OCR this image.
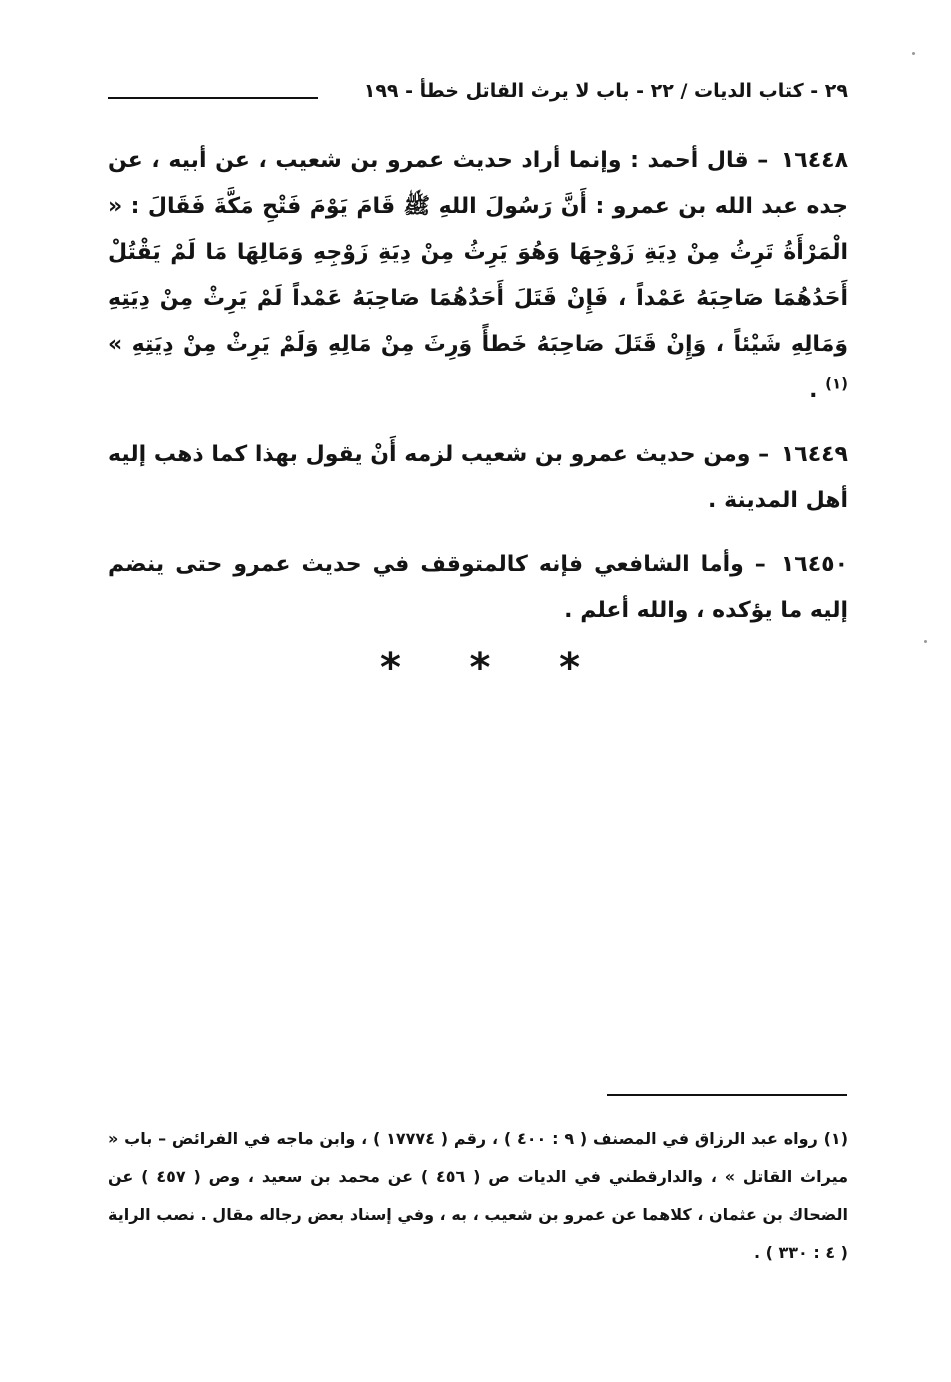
٢٩ - كتاب الديات / ٢٢ - باب لا يرث القاتل خطأ - ١٩٩

١٦٤٤٨ – قال أحمد : وإنما أراد حديث عمرو بن شعيب ، عن أبيه ، عن جده عبد الله بن عمرو : أَنَّ رَسُولَ اللهِ ﷺ قَامَ يَوْمَ فَتْحِ مَكَّةَ فَقَالَ : « الْمَرْأَةُ تَرِثُ مِنْ دِيَةِ زَوْجِهَا وَهُوَ يَرِثُ مِنْ دِيَةِ زَوْجِهِ وَمَالِهَا مَا لَمْ يَقْتُلْ أَحَدُهُمَا صَاحِبَهُ عَمْداً ، فَإِنْ قَتَلَ أَحَدُهُمَا صَاحِبَهُ عَمْداً لَمْ يَرِثْ مِنْ دِيَتِهِ وَمَالِهِ شَيْئاً ، وَإِنْ قَتَلَ صَاحِبَهُ خَطأً وَرِثَ مِنْ مَالِهِ وَلَمْ يَرِثْ مِنْ دِيَتِهِ » $^{(١)}$ .

١٦٤٤٩ – ومن حديث عمرو بن شعيب لزمه أَنْ يقول بهذا كما ذهب إليه أهل المدينة .

١٦٤٥٠ – وأما الشافعي فإنه كالمتوقف في حديث عمرو حتى ينضم إليه ما يؤكده ، والله أعلم .

* * *

(١) رواه عبد الرزاق في المصنف ( ٩ : ٤٠٠ ) ، رقم ( ١٧٧٧٤ ) ، وابن ماجه في الفرائض – باب « ميراث القاتل » ، والدارقطني في الديات ص ( ٤٥٦ ) عن محمد بن سعيد ، وص ( ٤٥٧ ) عن الضحاك بن عثمان ، كلاهما عن عمرو بن شعيب ، به ، وفي إسناد بعض رجاله مقال . نصب الراية ( ٤ : ٣٣٠ ) .
